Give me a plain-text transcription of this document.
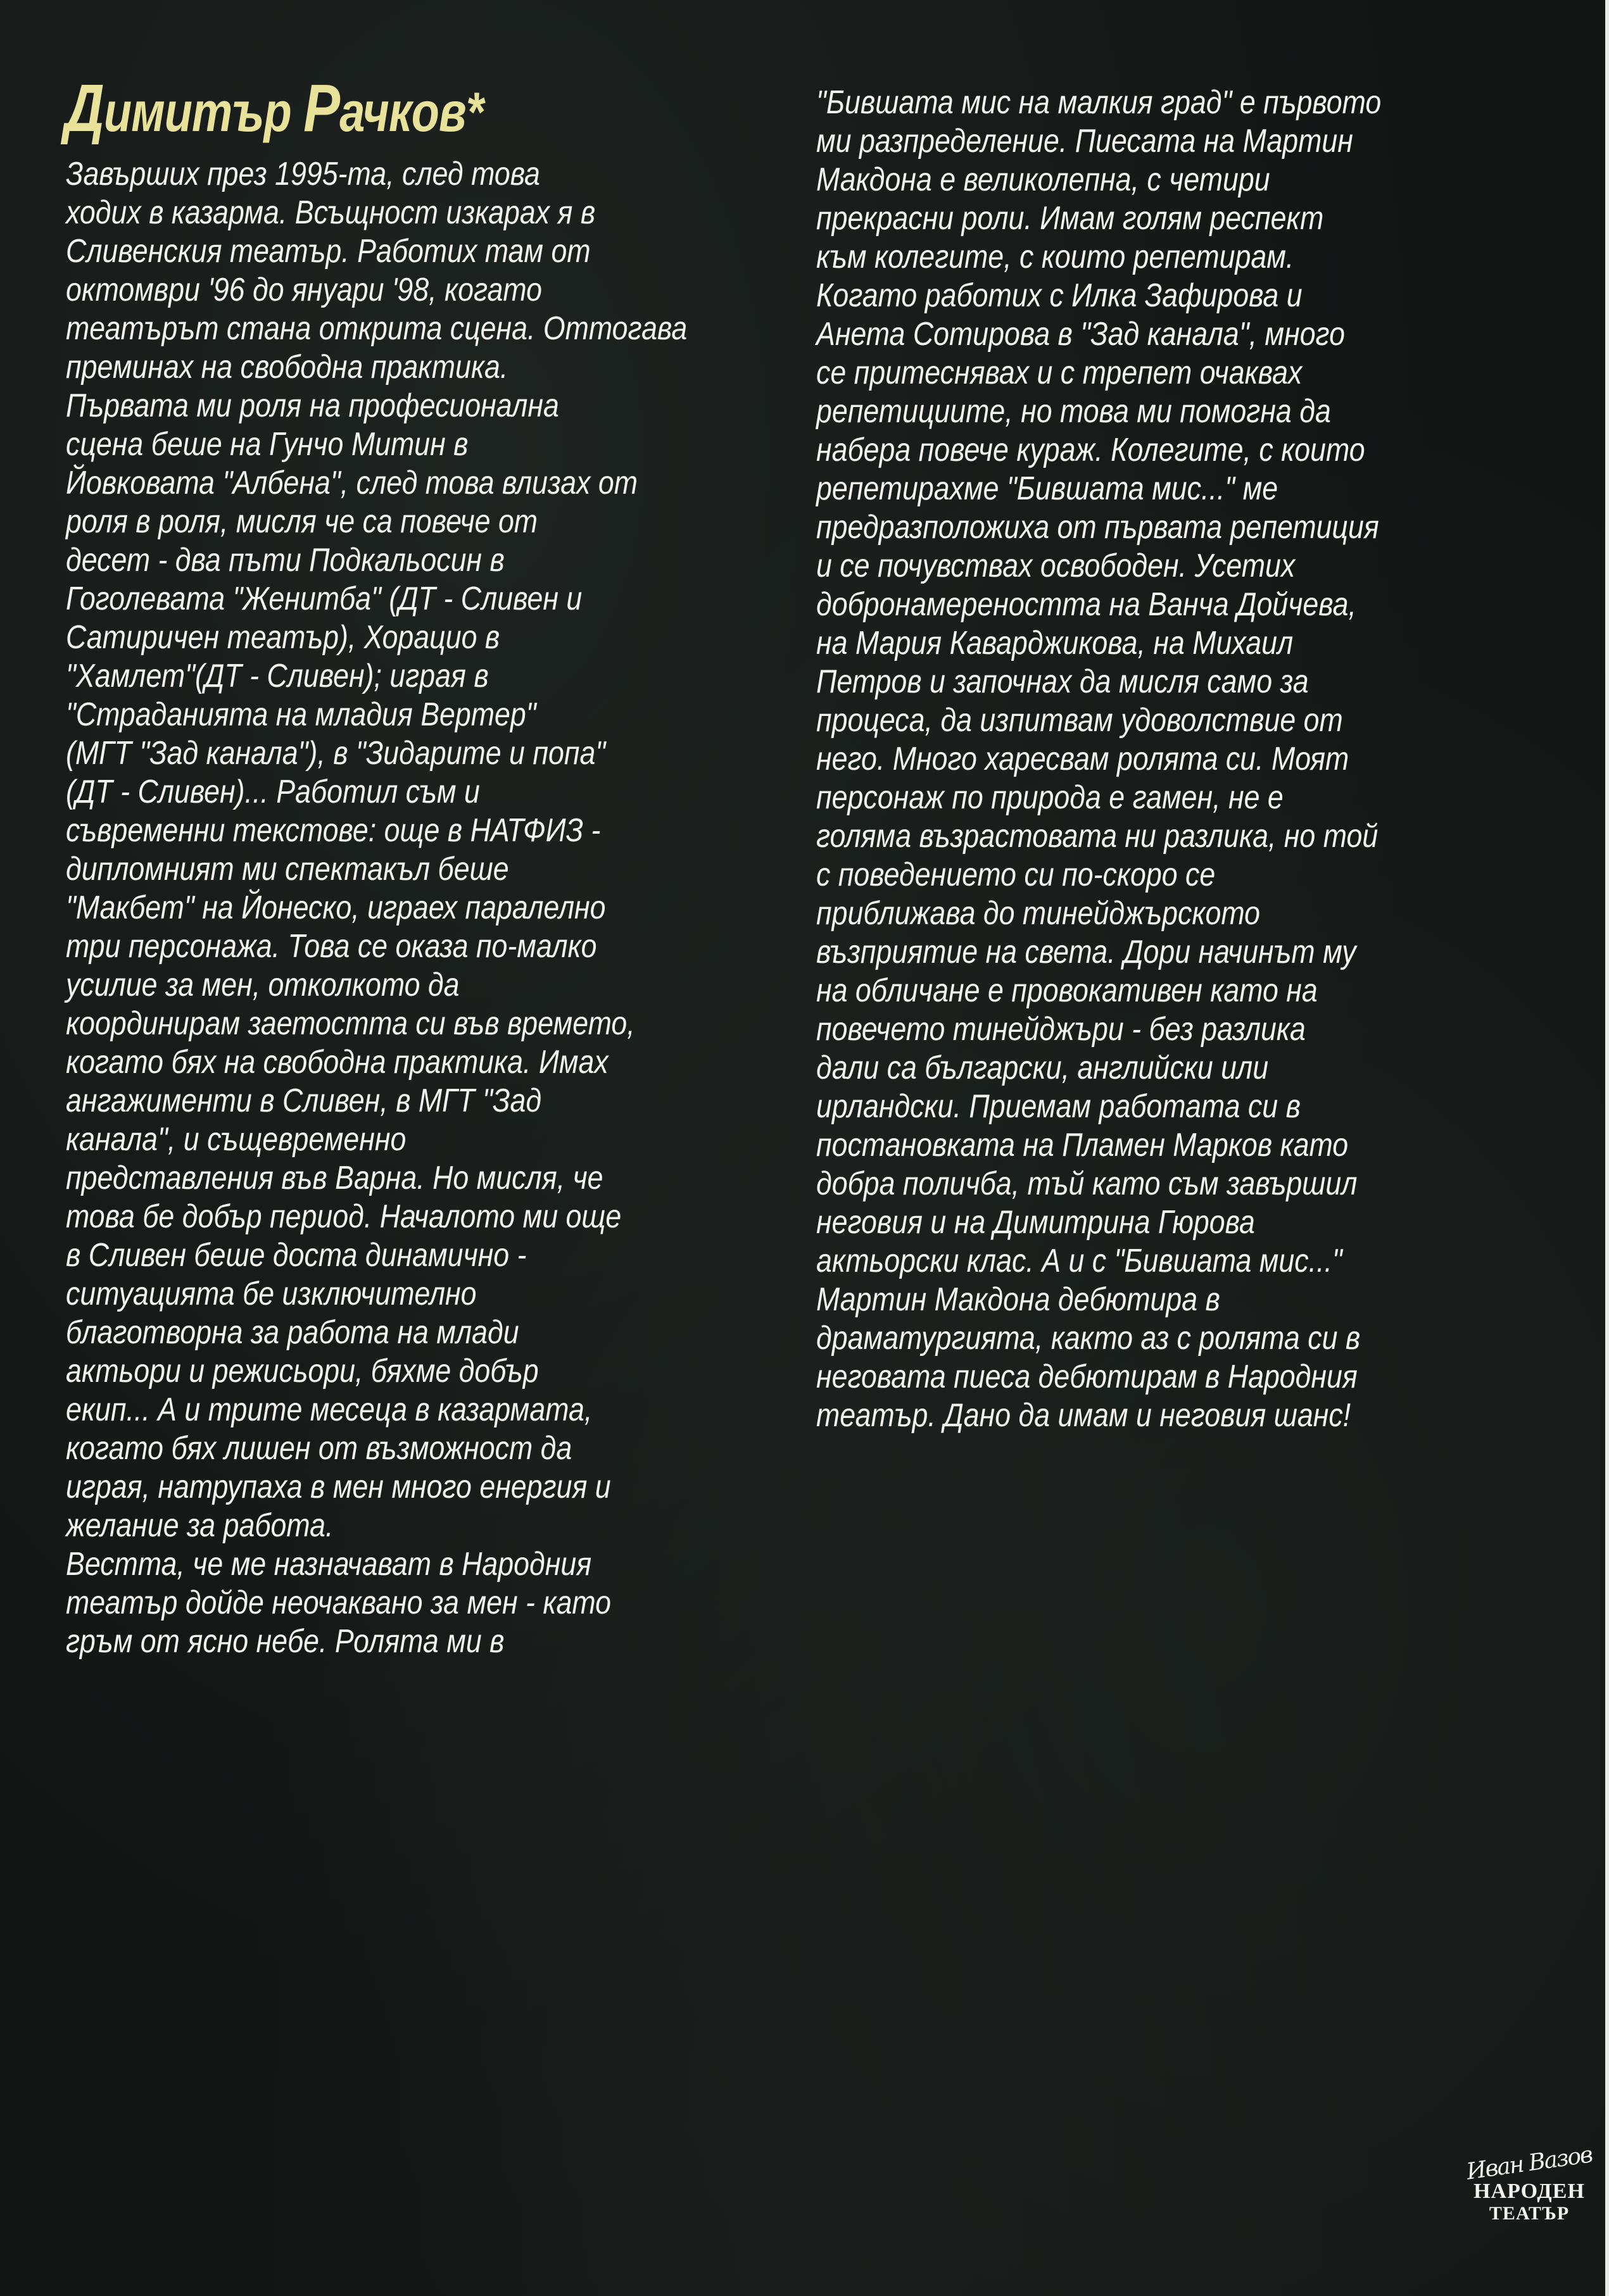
Димитър Рачков*
Завърших през 1995-та, след това
ходих в казарма. Всъщност изкарах я в
Сливенския театър. Работих там от
октомври '96 до януари '98, когато
театърът стана открита сцена. Оттогава
преминах на свободна практика.
Първата ми роля на професионална
сцена беше на Гунчо Митин в
Йовковата "Албена", след това влизах от
роля в роля, мисля че са повече от
десет - два пъти Подкальосин в
Гоголевата "Женитба" (ДТ - Сливен и
Сатиричен театър), Хорацио в
"Хамлет"(ДТ - Сливен); играя в
"Страданията на младия Вертер"
(МГТ "Зад канала"), в "Зидарите и попа"
(ДТ - Сливен)... Работил съм и
съвременни текстове: още в НАТФИЗ -
дипломният ми спектакъл беше
"Макбет" на Йонеско, играех паралелно
три персонажа. Това се оказа по-малко
усилие за мен, отколкото да
координирам заетостта си във времето,
когато бях на свободна практика. Имах
ангажименти в Сливен, в МГТ "Зад
канала", и същевременно
представления във Варна. Но мисля, че
това бе добър период. Началото ми още
в Сливен беше доста динамично -
ситуацията бе изключително
благотворна за работа на млади
актьори и режисьори, бяхме добър
екип... А и трите месеца в казармата,
когато бях лишен от възможност да
играя, натрупаха в мен много енергия и
желание за работа.
Вестта, че ме назначават в Народния
театър дойде неочаквано за мен - като
гръм от ясно небе. Ролята ми в
"Бившата мис на малкия град" е първото
ми разпределение. Пиесата на Мартин
Макдона е великолепна, с четири
прекрасни роли. Имам голям респект
към колегите, с които репетирам.
Когато работих с Илка Зафирова и
Анета Сотирова в "Зад канала", много
се притеснявах и с трепет очаквах
репетициите, но това ми помогна да
набера повече кураж. Колегите, с които
репетирахме "Бившата мис..." ме
предразположиха от първата репетиция
и се почувствах освободен. Усетих
добронамереността на Ванча Дойчева,
на Мария Каварджикова, на Михаил
Петров и започнах да мисля само за
процеса, да изпитвам удоволствие от
него. Много харесвам ролята си. Моят
персонаж по природа е гамен, не е
голяма възрастовата ни разлика, но той
с поведението си по-скоро се
приближава до тинейджърското
възприятие на света. Дори начинът му
на обличане е провокативен като на
повечето тинейджъри - без разлика
дали са български, английски или
ирландски. Приемам работата си в
постановката на Пламен Марков като
добра поличба, тъй като съм завършил
неговия и на Димитрина Гюрова
актьорски клас. А и с "Бившата мис..."
Мартин Макдона дебютира в
драматургията, както аз с ролята си в
неговата пиеса дебютирам в Народния
театър. Дано да имам и неговия шанс!
Иван Вазов
НАРОДЕН
ТЕАТЪР
